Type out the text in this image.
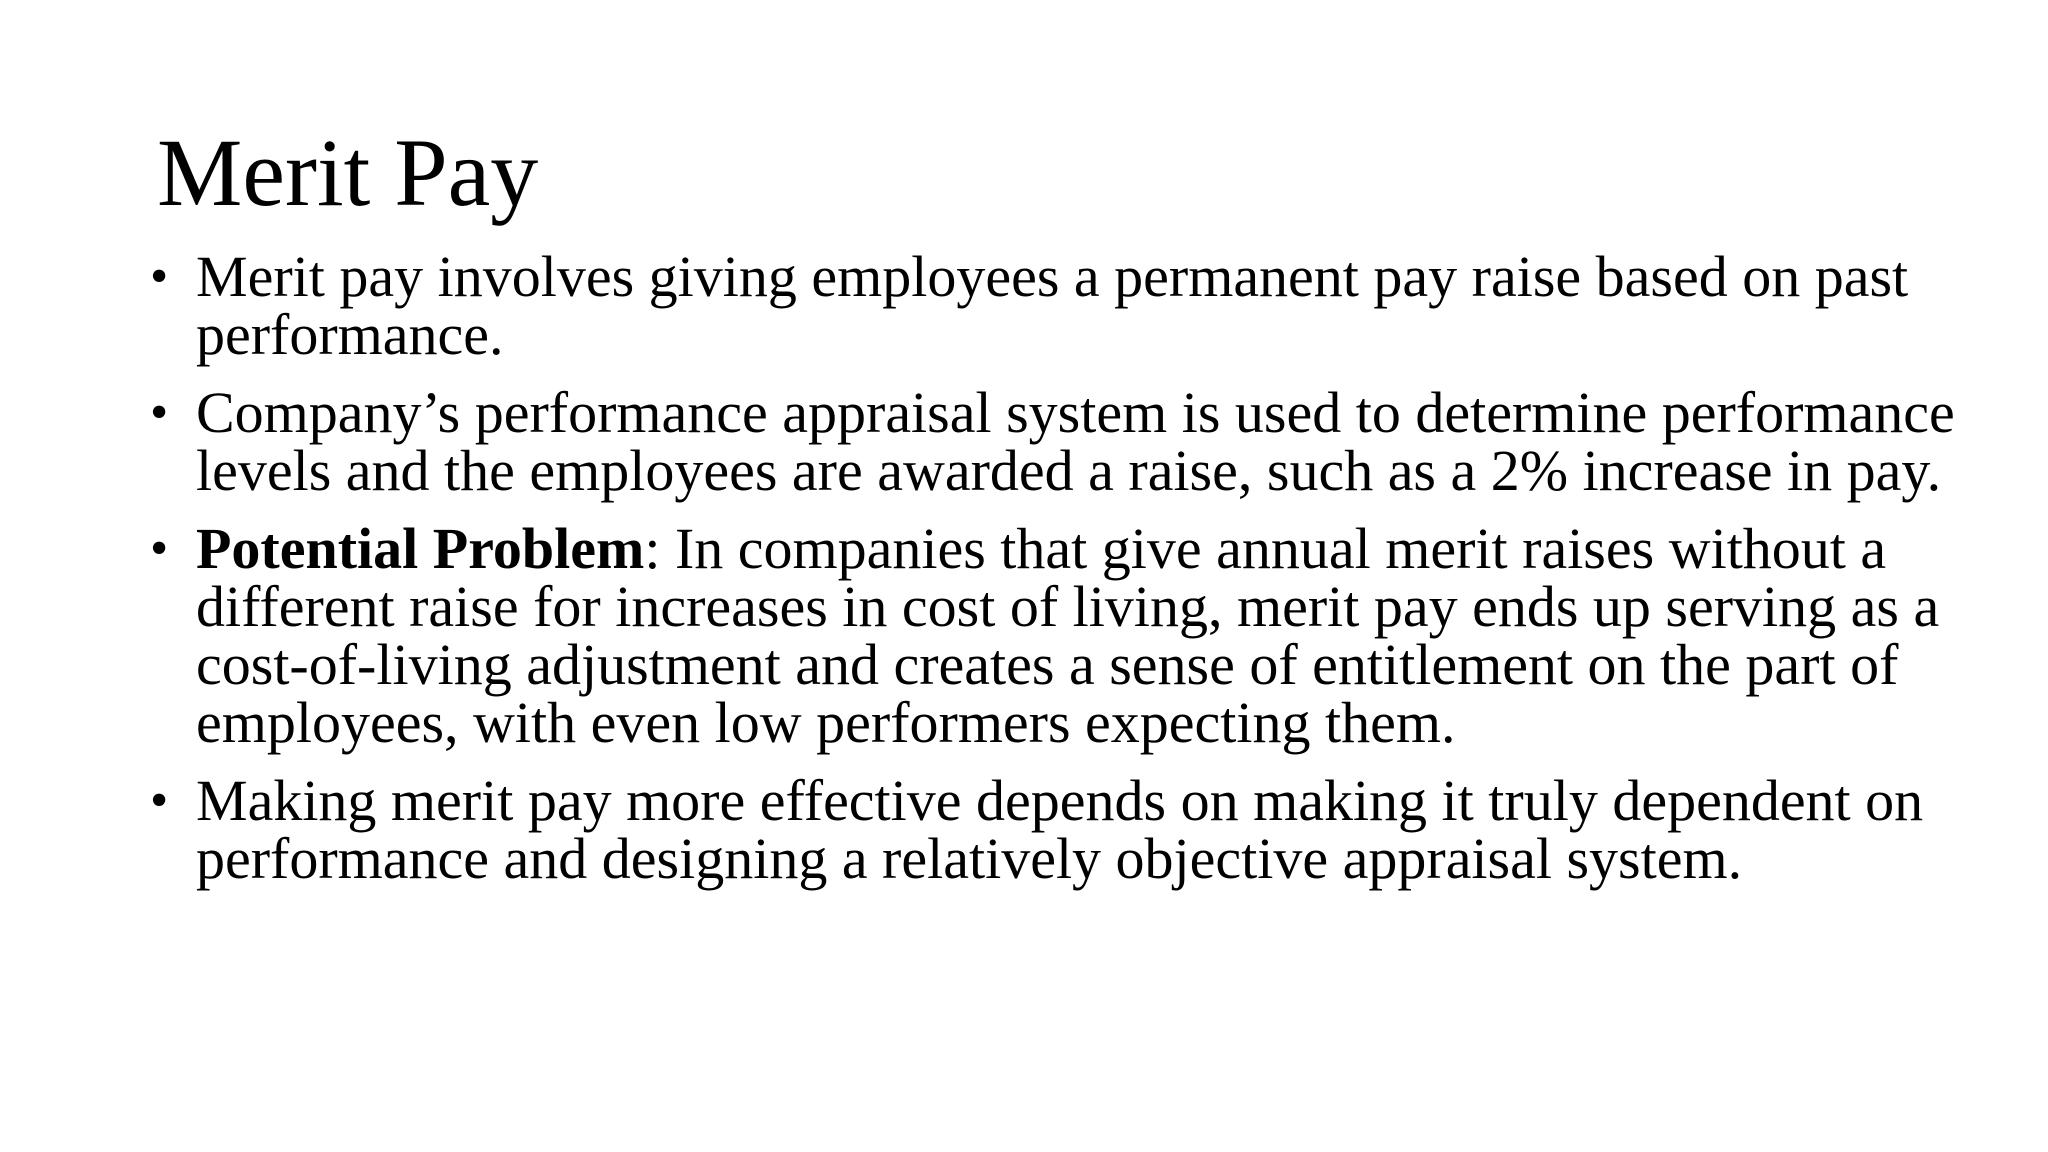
Merit Pay
• Merit pay involves giving employees a permanent pay raise based on past performance.
• Company’s performance appraisal system is used to determine performance levels and the employees are awarded a raise, such as a 2% increase in pay.
• Potential Problem: In companies that give annual merit raises without a different raise for increases in cost of living, merit pay ends up serving as a cost-of-living adjustment and creates a sense of entitlement on the part of employees, with even low performers expecting them.
• Making merit pay more effective depends on making it truly dependent on performance and designing a relatively objective appraisal system.
